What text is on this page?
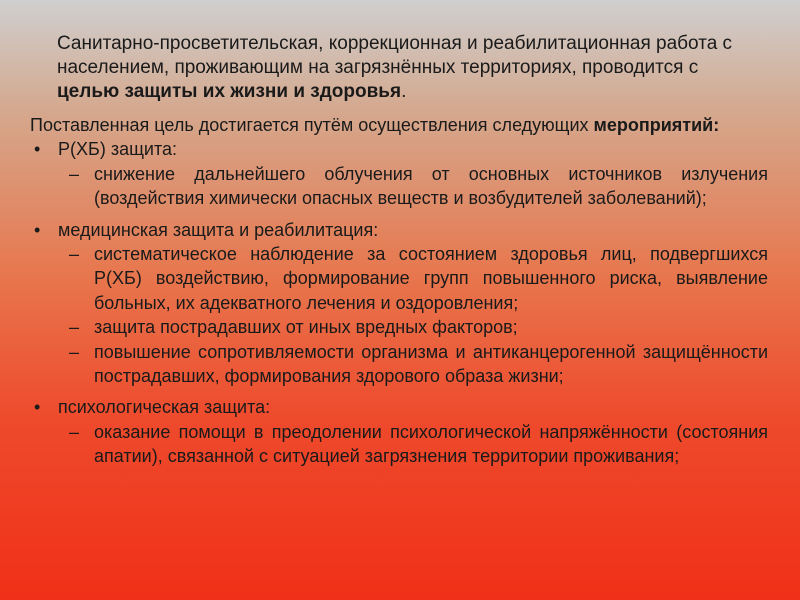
Санитарно-просветительская, коррекционная и реабилитационная работа с населением, проживающим на загрязнённых территориях, проводится с целью защиты их жизни и здоровья.

Поставленная цель достигается путём осуществления следующих мероприятий:

• Р(ХБ) защита:
– снижение дальнейшего облучения от основных источников излучения (воздействия химически опасных веществ и возбудителей заболеваний);
• медицинская защита и реабилитация:
– систематическое наблюдение за состоянием здоровья лиц, подвергшихся Р(ХБ) воздействию, формирование групп повышенного риска, выявление больных, их адекватного лечения и оздоровления;
– защита пострадавших от иных вредных факторов;
– повышение сопротивляемости организма и антиканцерогенной защищённости пострадавших, формирования здорового образа жизни;
• психологическая защита:
– оказание помощи в преодолении психологической напряжённости (состояния апатии), связанной с ситуацией загрязнения территории проживания;
